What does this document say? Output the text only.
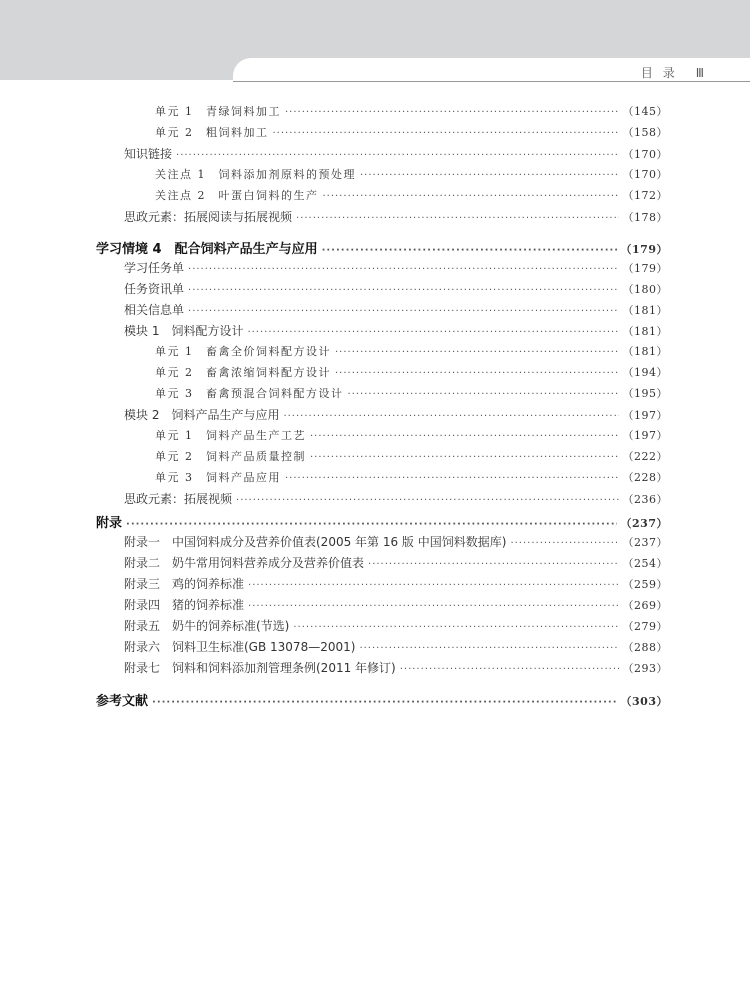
目 录 Ⅲ
单元 1　青绿饲料加工 ·····	（145）
单元 2　粗饲料加工 ·····	（158）
知识链接 ·····	（170）
关注点 1　饲料添加剂原料的预处理 ·····	（170）
关注点 2　叶蛋白饲料的生产 ·····	（172）
思政元素：拓展阅读与拓展视频 ·····	（178）
学习情境 4　配合饲料产品生产与应用 ·····	（179）
学习任务单 ·····	（179）
任务资讯单 ·····	（180）
相关信息单 ·····	（181）
模块 1　饲料配方设计 ·····	（181）
单元 1　畜禽全价饲料配方设计 ·····	（181）
单元 2　畜禽浓缩饲料配方设计 ·····	（194）
单元 3　畜禽预混合饲料配方设计 ·····	（195）
模块 2　饲料产品生产与应用 ·····	（197）
单元 1　饲料产品生产工艺 ·····	（197）
单元 2　饲料产品质量控制 ·····	（222）
单元 3　饲料产品应用 ·····	（228）
思政元素：拓展视频 ·····	（236）
附录 ·····	（237）
附录一　中国饲料成分及营养价值表(2005 年第 16 版 中国饲料数据库) ·····	（237）
附录二　奶牛常用饲料营养成分及营养价值表 ·····	（254）
附录三　鸡的饲养标准 ·····	（259）
附录四　猪的饲养标准 ·····	（269）
附录五　奶牛的饲养标准(节选) ·····	（279）
附录六　饲料卫生标准(GB 13078—2001) ·····	（288）
附录七　饲料和饲料添加剂管理条例(2011 年修订) ·····	（293）
参考文献 ·····	（303）
